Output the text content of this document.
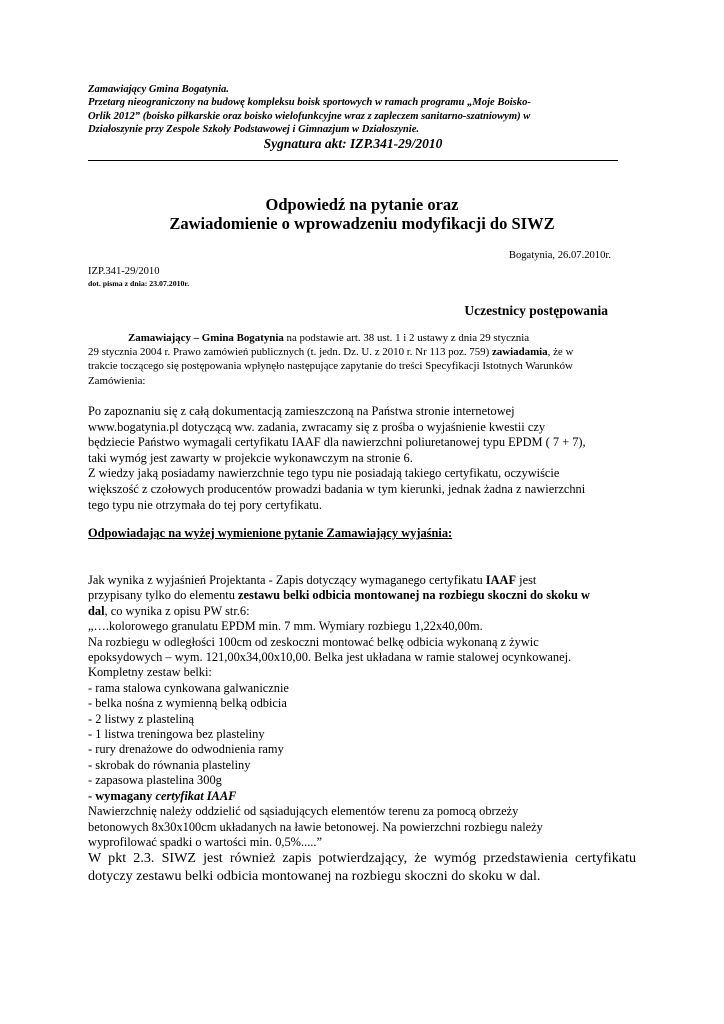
Zamawiający Gmina Bogatynia.
Przetarg nieograniczony na budowę kompleksu boisk sportowych w ramach programu „Moje Boisko-
Orlik 2012” (boisko piłkarskie oraz boisko wielofunkcyjne wraz z zapleczem sanitarno-szatniowym) w
Działoszynie przy Zespole Szkoły Podstawowej i Gimnazjum w Działoszynie.
Sygnatura akt: IZP.341-29/2010
Odpowiedź na pytanie oraz
Zawiadomienie o wprowadzeniu modyfikacji do SIWZ
Bogatynia, 26.07.2010r.
IZP.341-29/2010
dot. pisma z dnia: 23.07.2010r.
Uczestnicy postępowania
Zamawiający – Gmina Bogatynia na podstawie art. 38 ust. 1 i 2 ustawy z dnia 29 stycznia
29 stycznia 2004 r. Prawo zamówień publicznych (t. jedn. Dz. U. z 2010 r. Nr 113 poz. 759) zawiadamia, że w
trakcie toczącego się postępowania wpłynęło następujące zapytanie do treści Specyfikacji Istotnych Warunków
Zamówienia:

Po zapoznaniu się z całą dokumentacją zamieszczoną na Państwa stronie internetowej

www.bogatynia.pl dotyczącą ww. zadania, zwracamy się z prośba o wyjaśnienie kwestii czy

będziecie Państwo wymagali certyfikatu IAAF dla nawierzchni poliuretanowej typu EPDM ( 7 + 7),

taki wymóg jest zawarty w projekcie wykonawczym na stronie 6.

Z wiedzy jaką posiadamy nawierzchnie tego typu nie posiadają takiego certyfikatu, oczywiście

większość z czołowych producentów prowadzi badania w tym kierunki, jednak żadna z nawierzchni

tego typu nie otrzymała do tej pory certyfikatu.

Odpowiadając na wyżej wymienione pytanie Zamawiający wyjaśnia:

Jak wynika z wyjaśnień Projektanta - Zapis dotyczący wymaganego certyfikatu IAAF jest

przypisany tylko do elementu zestawu belki odbicia montowanej na rozbiegu skoczni do skoku w

dal, co wynika z opisu PW str.6:

„….kolorowego granulatu EPDM min. 7 mm. Wymiary rozbiegu 1,22x40,00m.

Na rozbiegu w odległości 100cm od zeskoczni montować belkę odbicia wykonaną z żywic

epoksydowych – wym. 121,00x34,00x10,00. Belka jest układana w ramie stalowej ocynkowanej.

Kompletny zestaw belki:

- rama stalowa cynkowana galwanicznie

- belka nośna z wymienną belką odbicia

- 2 listwy z plasteliną

- 1 listwa treningowa bez plasteliny

- rury drenażowe do odwodnienia ramy

- skrobak do równania plasteliny

- zapasowa plastelina 300g

- wymagany certyfikat IAAF

Nawierzchnię należy oddzielić od sąsiadujących elementów terenu za pomocą obrzeży

betonowych 8x30x100cm układanych na ławie betonowej. Na powierzchni rozbiegu należy

wyprofilować spadki o wartości min. 0,5%.....”

W pkt 2.3. SIWZ jest również zapis potwierdzający, że wymóg przedstawienia certyfikatu dotyczy zestawu belki odbicia montowanej na rozbiegu skoczni do skoku w dal.
